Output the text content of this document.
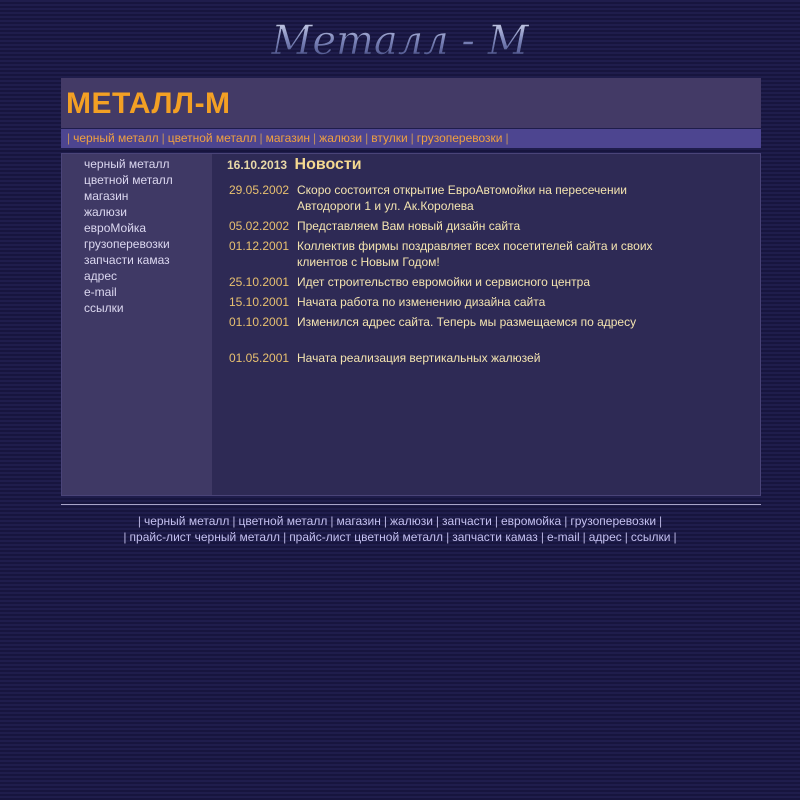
Металл - М
МЕТАЛЛ-М
| черный металл | цветной металл | магазин | жалюзи | втулки | грузоперевозки |
черный металл
цветной металл
магазин
жалюзи
евроМойка
грузоперевозки
запчасти камаз
адрес
e-mail
ссылки
16.10.2013 Новости
29.05.2002 Скоро состоится открытие ЕвроАвтомойки на пересечении Автодороги 1 и ул. Ак.Королева
05.02.2002 Представляем Вам новый дизайн сайта
01.12.2001 Коллектив фирмы поздравляет всех посетителей сайта и своих клиентов с Новым Годом!
25.10.2001 Идет строительство евромойки и сервисного центра
15.10.2001 Начата работа по изменению дизайна сайта
01.10.2001 Изменился адрес сайта. Теперь мы размещаемся по адресу
01.05.2001 Начата реализация вертикальных жалюзей
| черный металл | цветной металл | магазин | жалюзи | запчасти | евромойка | грузоперевозки |
| прайс-лист черный металл | прайс-лист цветной металл | запчасти камаз | e-mail | адрес | ссылки |
